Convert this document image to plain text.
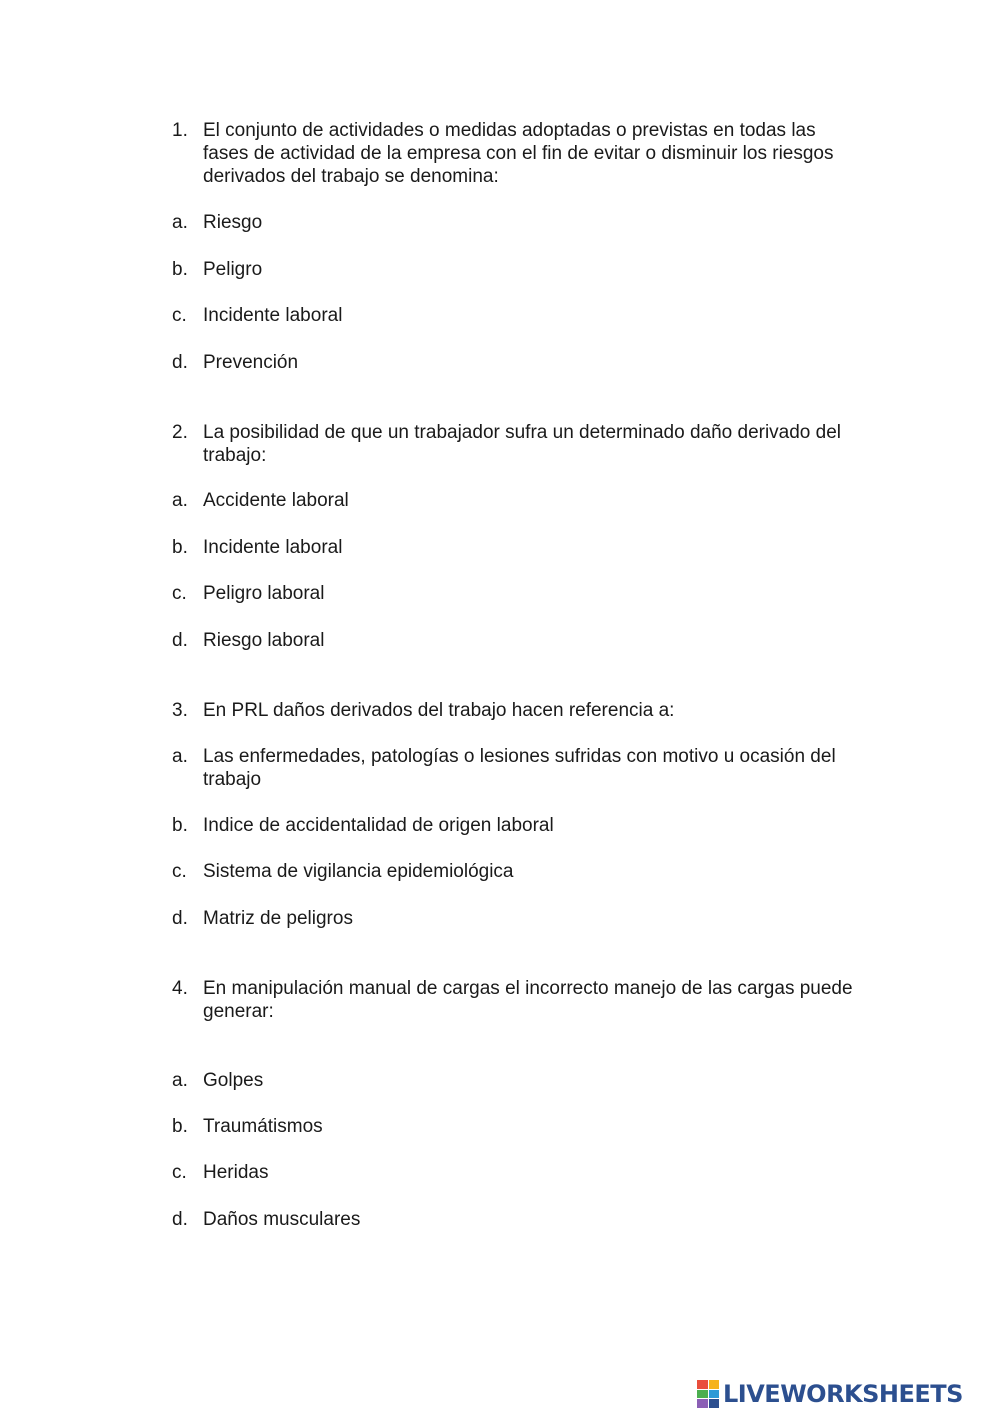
1. El conjunto de actividades o medidas adoptadas o previstas en todas las fases de actividad de la empresa con el fin de evitar o disminuir los riesgos derivados del trabajo se denomina:
a. Riesgo
b. Peligro
c. Incidente laboral
d. Prevención
2. La posibilidad de que un trabajador sufra un determinado daño derivado del trabajo:
a. Accidente laboral
b. Incidente laboral
c. Peligro laboral
d. Riesgo laboral
3. En PRL daños derivados del trabajo hacen referencia a:
a. Las enfermedades, patologías o lesiones sufridas con motivo u ocasión del trabajo
b. Indice de accidentalidad de origen laboral
c. Sistema de vigilancia epidemiológica
d. Matriz de peligros
4. En manipulación manual de cargas el incorrecto manejo de las cargas puede generar:
a. Golpes
b. Traumátismos
c. Heridas
d. Daños musculares
LIVEWORKSHEETS
